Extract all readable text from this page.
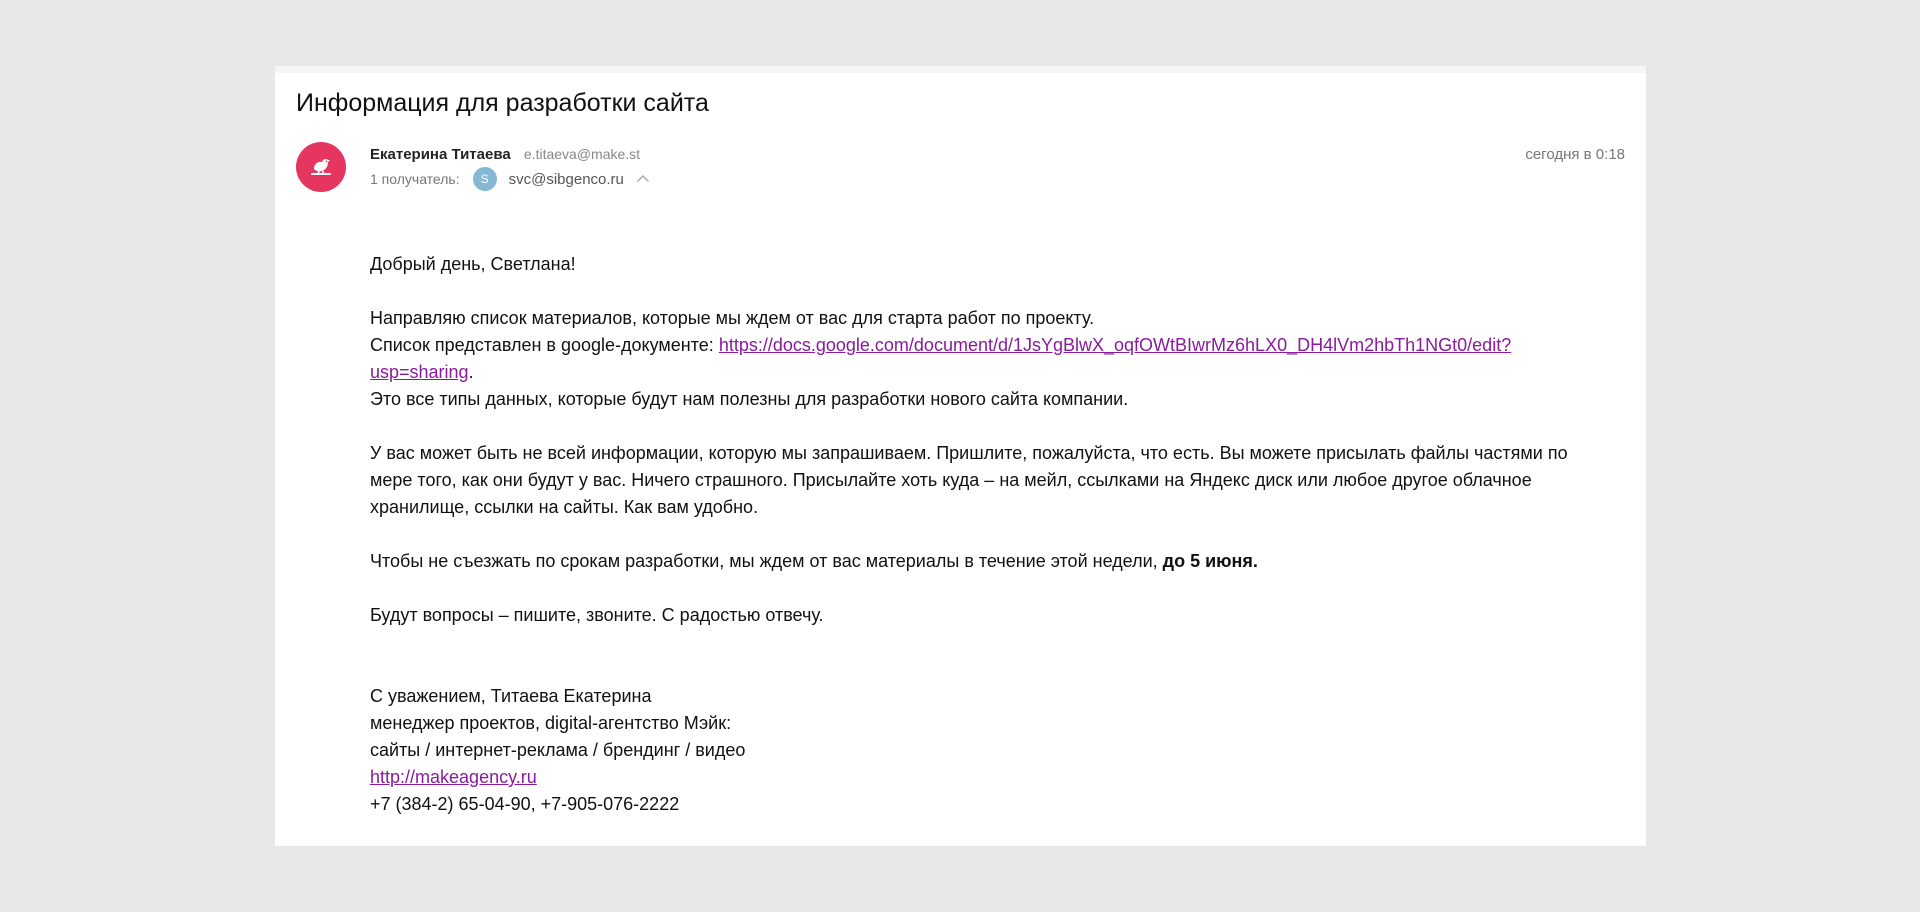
Информация для разработки сайта
Екатерина Титаева e.titaeva@make.st
1 получатель:	S	svc@sibgenco.ru
сегодня в 0:18

Добрый день, Светлана!

Направляю список материалов, которые мы ждем от вас для старта работ по проекту.
Список представлен в google-документе: https://docs.google.com/document/d/1JsYgBlwX_oqfOWtBIwrMz6hLX0_DH4lVm2hbTh1NGt0/edit?usp=sharing.
Это все типы данных, которые будут нам полезны для разработки нового сайта компании.

У вас может быть не всей информации, которую мы запрашиваем. Пришлите, пожалуйста, что есть. Вы можете присылать файлы частями по мере того, как они будут у вас. Ничего страшного. Присылайте хоть куда – на мейл, ссылками на Яндекс диск или любое другое облачное хранилище, ссылки на сайты. Как вам удобно.

Чтобы не съезжать по срокам разработки, мы ждем от вас материалы в течение этой недели, до 5 июня.

Будут вопросы – пишите, звоните. С радостью отвечу.

С уважением, Титаева Екатерина
менеджер проектов, digital-агентство Мэйк:
сайты / интернет-реклама / брендинг / видео
http://makeagency.ru
+7 (384-2) 65-04-90, +7-905-076-2222
